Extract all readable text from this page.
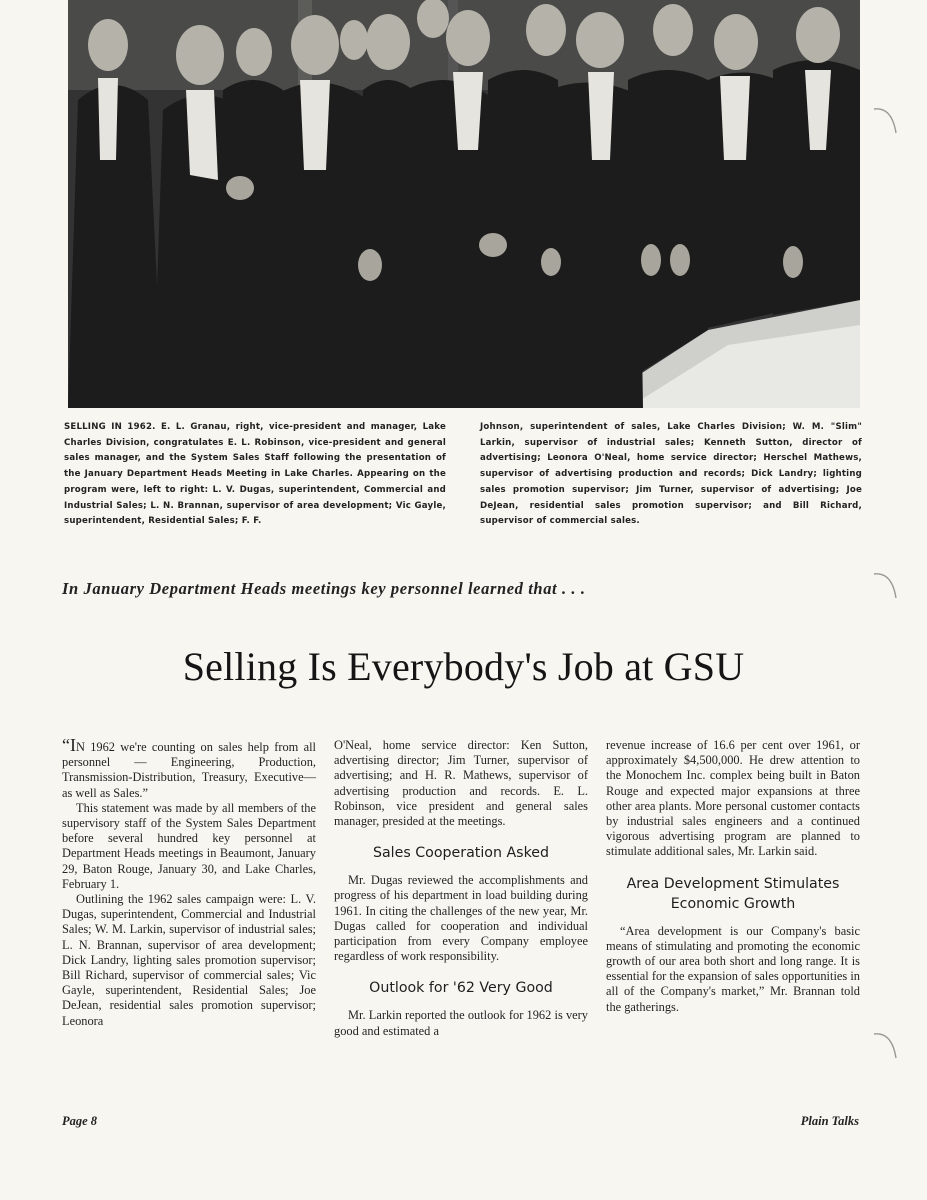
SELLING IN 1962. E. L. Granau, right, vice-president and manager, Lake Charles Division, congratulates E. L. Robinson, vice-president and general sales manager, and the System Sales Staff following the presentation of the January Department Heads Meeting in Lake Charles. Appearing on the program were, left to right: L. V. Dugas, superintendent, Commercial and Industrial Sales; L. N. Brannan, supervisor of area development; Vic Gayle, superintendent, Residential Sales; F. F.
Johnson, superintendent of sales, Lake Charles Division; W. M. "Slim" Larkin, supervisor of industrial sales; Kenneth Sutton, director of advertising; Leonora O'Neal, home service director; Herschel Mathews, supervisor of advertising production and records; Dick Landry; lighting sales promotion supervisor; Jim Turner, supervisor of advertising; Joe DeJean, residential sales promotion supervisor; and Bill Richard, supervisor of commercial sales.
In January Department Heads meetings key personnel learned that . . .
Selling Is Everybody's Job at GSU

“IN 1962 we're counting on sales help from all personnel — Engineering, Production, Transmission-Distribution, Treasury, Executive—as well as Sales.”

This statement was made by all members of the supervisory staff of the System Sales Department before several hundred key personnel at Department Heads meetings in Beaumont, January 29, Baton Rouge, January 30, and Lake Charles, February 1.

Outlining the 1962 sales campaign were: L. V. Dugas, superintendent, Commercial and Industrial Sales; W. M. Larkin, supervisor of industrial sales; L. N. Brannan, supervisor of area development; Dick Landry, lighting sales promotion supervisor; Bill Richard, supervisor of commercial sales; Vic Gayle, superintendent, Residential Sales; Joe DeJean, residential sales promotion supervisor; Leonora

O'Neal, home service director: Ken Sutton, advertising director; Jim Turner, supervisor of advertising; and H. R. Mathews, supervisor of advertising production and records. E. L. Robinson, vice president and general sales manager, presided at the meetings.

Sales Cooperation Asked

Mr. Dugas reviewed the accomplishments and progress of his department in load building during 1961. In citing the challenges of the new year, Mr. Dugas called for cooperation and individual participation from every Company employee regardless of work responsibility.

Outlook for '62 Very Good

Mr. Larkin reported the outlook for 1962 is very good and estimated a

revenue increase of 16.6 per cent over 1961, or approximately $4,500,000. He drew attention to the Monochem Inc. complex being built in Baton Rouge and expected major expansions at three other area plants. More personal customer contacts by industrial sales engineers and a continued vigorous advertising program are planned to stimulate additional sales, Mr. Larkin said.

Area Development Stimulates Economic Growth

“Area development is our Company's basic means of stimulating and promoting the economic growth of our area both short and long range. It is essential for the expansion of sales opportunities in all of the Company's market,” Mr. Brannan told the gatherings.

Page 8	Plain Talks
